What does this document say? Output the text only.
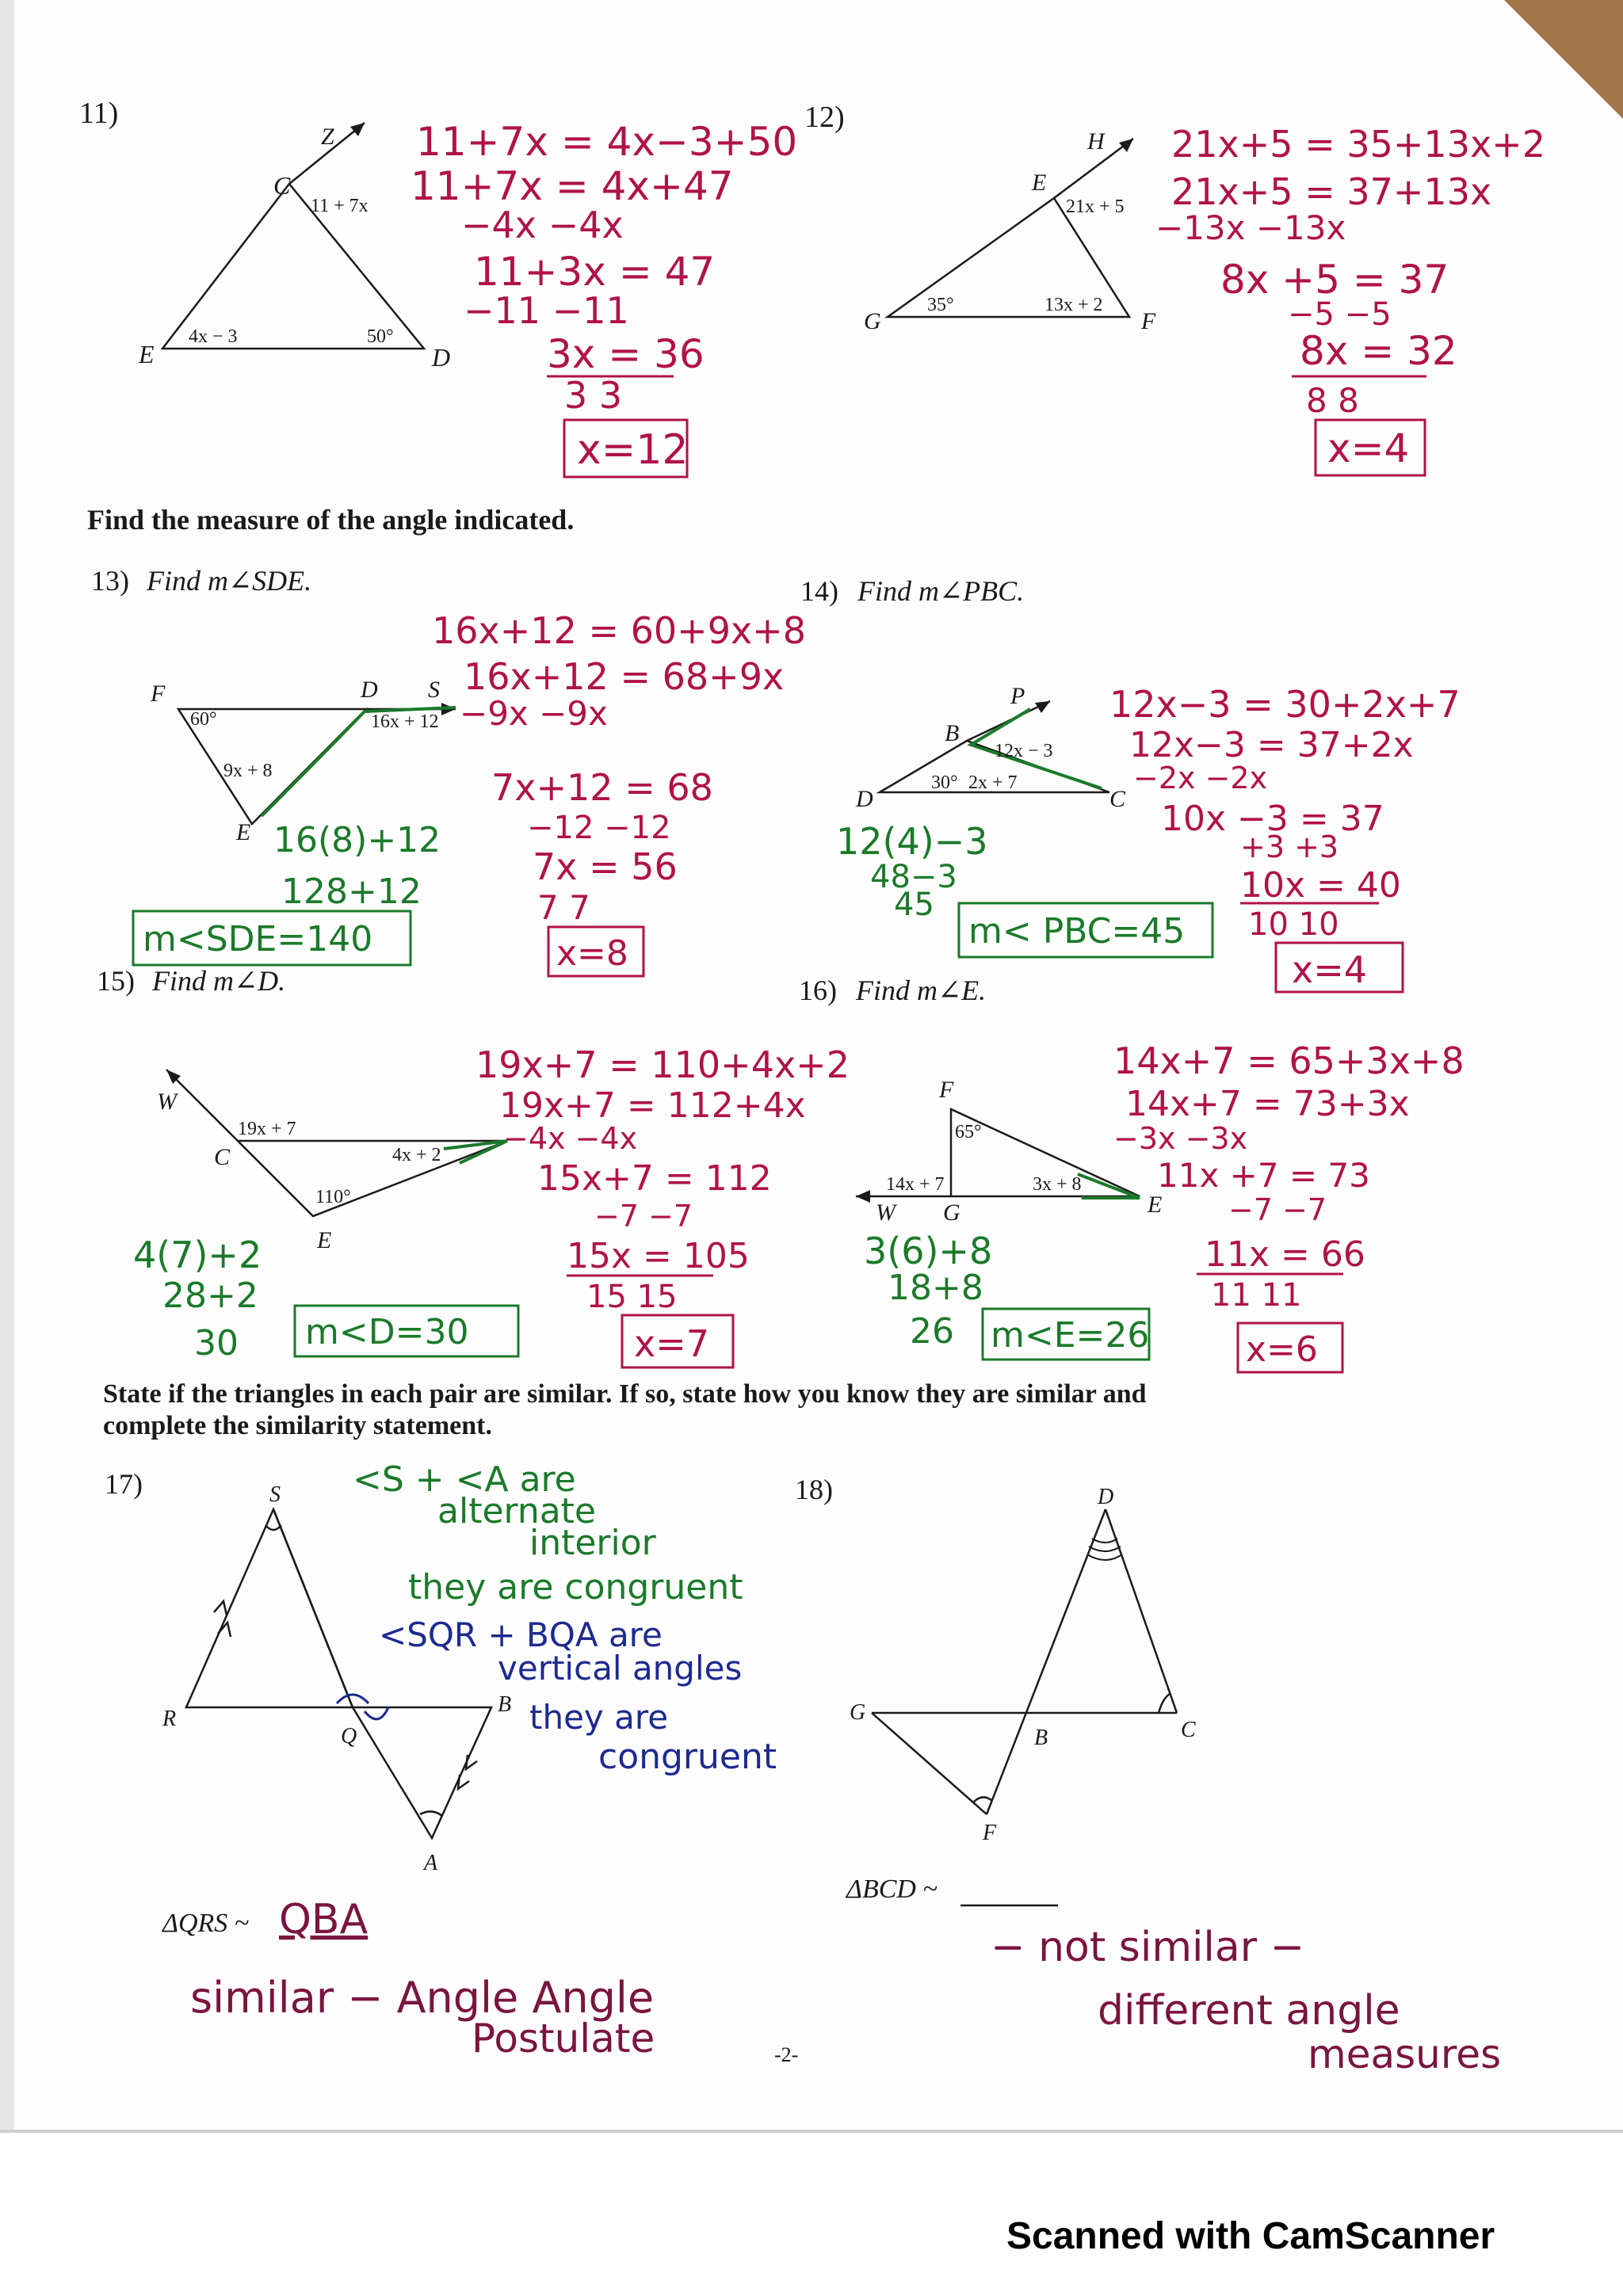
11)
Z
C
E	D
11 + 7x
4x − 3	50°
11+7x = 4x−3+50
11+7x = 4x+47
−4x −4x
11+3x = 47
−11 −11
3x = 36
3 3
x=12
12)
H
E
G	F
21x + 5
35°	13x + 2
21x+5 = 35+13x+2
21x+5 = 37+13x
−13x −13x
8x +5 = 37
−5 −5
8x = 32
8 8
x=4
Find the measure of the angle indicated.
13) Find m∠SDE.
F	D S
E
60°
9x + 8
16x + 12
16x+12 = 60+9x+8
16x+12 = 68+9x
−9x −9x
7x+12 = 68
−12 −12
7x = 56
7 7
x=8
16(8)+12
128+12
m<SDE=140
14) Find m∠PBC.
P
B
D	C
12x − 3
30° 2x + 7
12x−3 = 30+2x+7
12x−3 = 37+2x
−2x −2x
10x −3 = 37
+3 +3
10x = 40
10 10
x=4
12(4)−3
48−3
45
m< PBC=45
15) Find m∠D.
W
C
E
19x + 7
110°
4x + 2
19x+7 = 110+4x+2
19x+7 = 112+4x
−4x −4x
15x+7 = 112
−7 −7
15x = 105
15 15
x=7
4(7)+2
28+2
30 m<D=30
16) Find m∠E.
F
W G	E
65°
14x + 7	3x + 8
14x+7 = 65+3x+8
14x+7 = 73+3x
−3x −3x
11x +7 = 73
−7 −7
11x = 66
11 11
x=6
3(6)+8
18+8
26 m<E=26
State if the triangles in each pair are similar. If so, state how you know they are similar and complete the similarity statement.
17)	S
R
Q
B
A
<S + <A are
alternate
interior
they are congruent
<SQR + BQA are
vertical angles
they are
congruent
ΔQRS ~ QBA
similar − Angle Angle
Postulate
18)	D
G
B	C
F
ΔBCD ~
− not similar −
different angle
measures
-2-
Scanned with CamScanner
